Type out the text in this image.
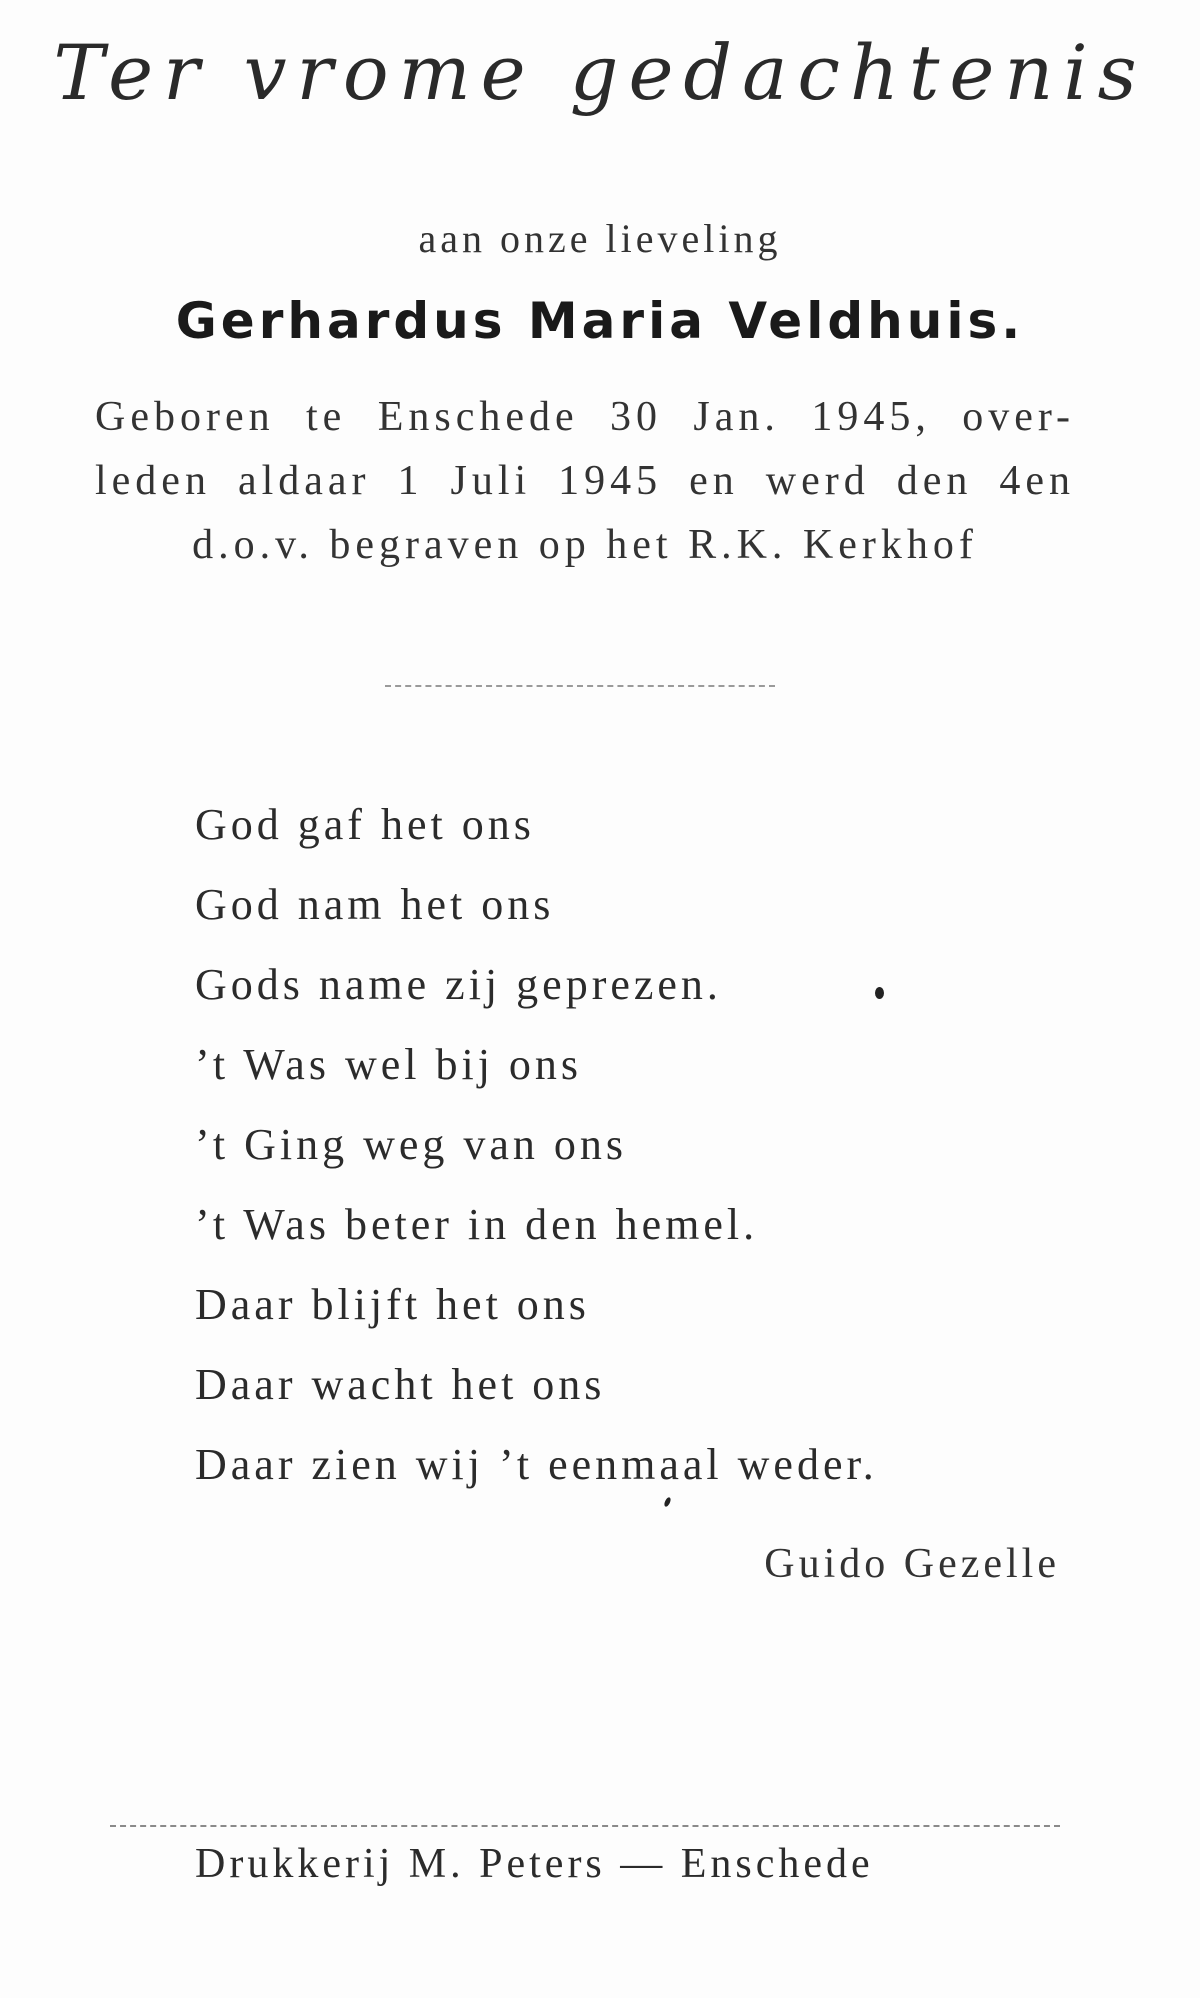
Ter vrome gedachtenis
aan onze lieveling
Gerhardus Maria Veldhuis.
Geboren te Enschede 30 Jan. 1945, over-
leden aldaar 1 Juli 1945 en werd den 4en
d.o.v. begraven op het R.K. Kerkhof
God gaf het ons
God nam het ons
Gods name zij geprezen.
’t Was wel bij ons
’t Ging weg van ons
’t Was beter in den hemel.
Daar blijft het ons
Daar wacht het ons
Daar zien wij ’t eenmaal weder.
Guido Gezelle
Drukkerij M. Peters — Enschede
